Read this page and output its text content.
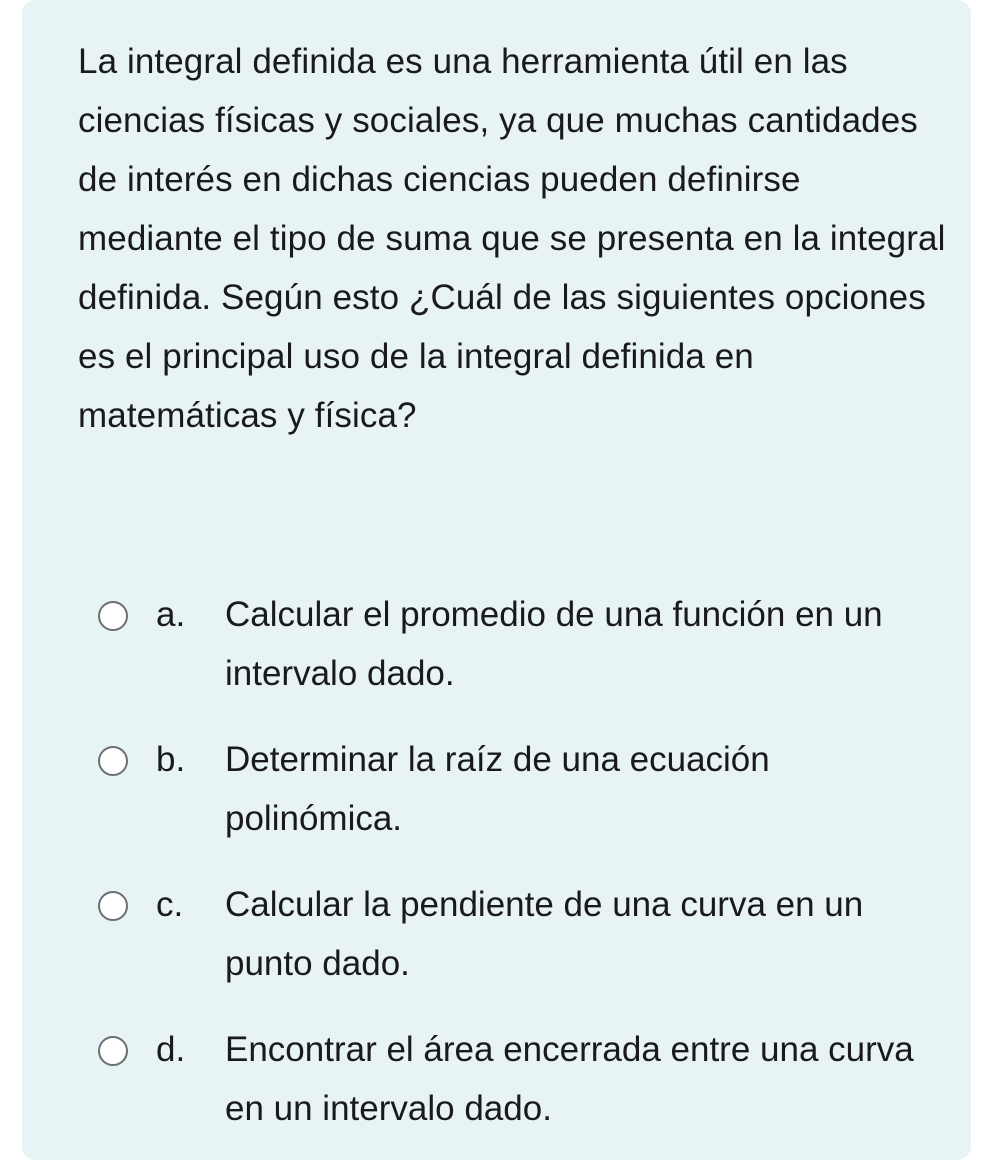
La integral definida es una herramienta útil en las ciencias físicas y sociales, ya que muchas cantidades de interés en dichas ciencias pueden definirse mediante el tipo de suma que se presenta en la integral definida. Según esto ¿Cuál de las siguientes opciones es el principal uso de la integral definida en matemáticas y física?

a. Calcular el promedio de una función en un intervalo dado.
b. Determinar la raíz de una ecuación polinómica.
c. Calcular la pendiente de una curva en un punto dado.
d. Encontrar el área encerrada entre una curva en un intervalo dado.
